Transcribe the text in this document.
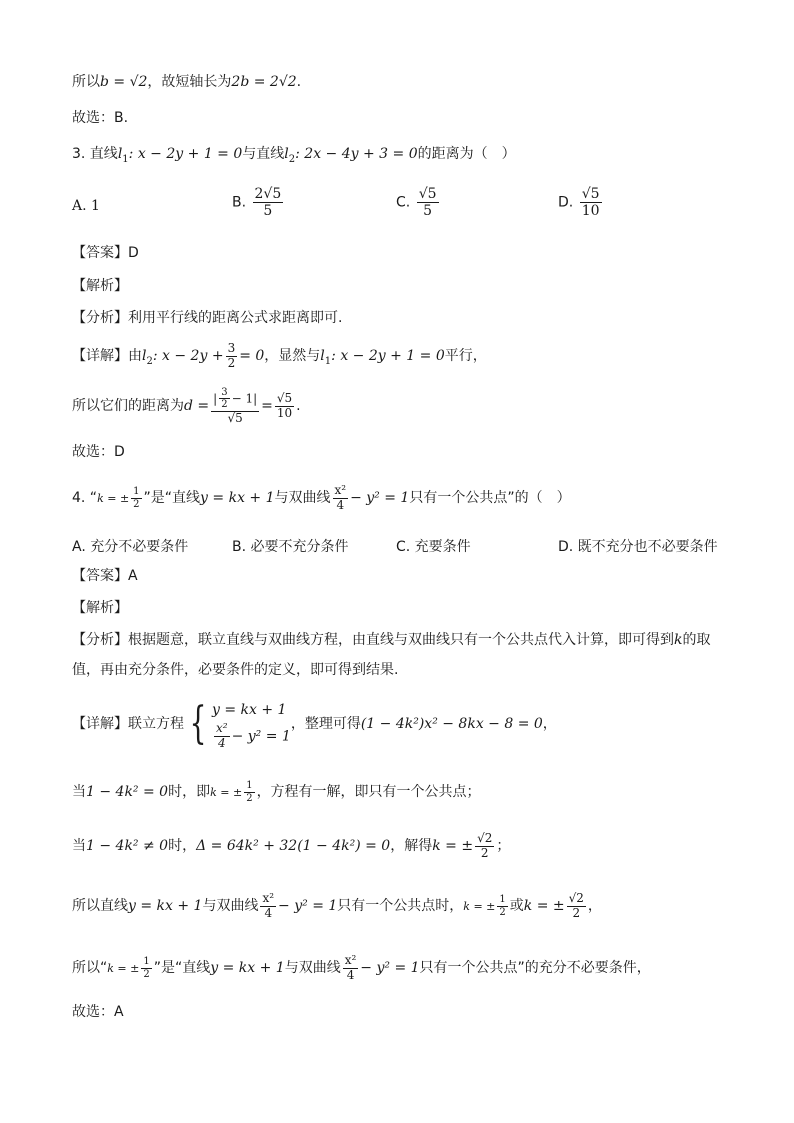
所以b = √2，故短轴长为2b = 2√2.
故选：B.
3. 直线$l_1$: x − 2y + 1 = 0与直线$l_2$: 2x − 4y + 3 = 0的距离为（　）
A. 1	B. $\frac{2√5}{5}$	C. $\frac{√5}{5}$	D. $\frac{√5}{10}$
【答案】D
【解析】
【分析】利用平行线的距离公式求距离即可.
【详解】由$l_2$: $x - 2y + \frac{3}{2} = 0$，显然与$l_1$: x − 2y + 1 = 0平行，
所以它们的距离为$d = \frac{| \frac{3}{2} - 1|}{√5} = \frac{√5}{10}$ .
故选：D
4. “k = ± $\frac{1}{2}$ ”是“直线y = kx + 1与双曲线 $\frac{\text{x²}}{4} - y^2 = 1$只有一个公共点”的（　）
A. 充分不必要条件	B. 必要不充分条件	C. 充要条件	D. 既不充分也不必要条件
【答案】A
【解析】
【分析】根据题意，联立直线与双曲线方程，由直线与双曲线只有一个公共点代入计算，即可得到k的取
值，再由充分条件，必要条件的定义，即可得到结果.
【详解】联立方程 { y = kx + 1
$\frac{\text{x²}}{4} - y^2 = 1$
，整理可得(1 − 4k²)x² − 8kx − 8 = 0，
当1 − 4k² = 0时，即k = ± $\frac{1}{2}$ ，方程有一解，即只有一个公共点；
当1 − 4k² ≠ 0时，Δ = 64k² + 32(1 − 4k²) = 0，解得k = ± $\frac{√2}{2}$ ；
所以直线y = kx + 1与双曲线 $\frac{\text{x²}}{4} - y^2 = 1$只有一个公共点时，k = ± $\frac{1}{2}$ 或k = ± $\frac{√2}{2}$ ，
所以“k = ± $\frac{1}{2}$ ”是“直线y = kx + 1与双曲线 $\frac{\text{x²}}{4} - y^2 = 1$只有一个公共点”的充分不必要条件，
故选：A
